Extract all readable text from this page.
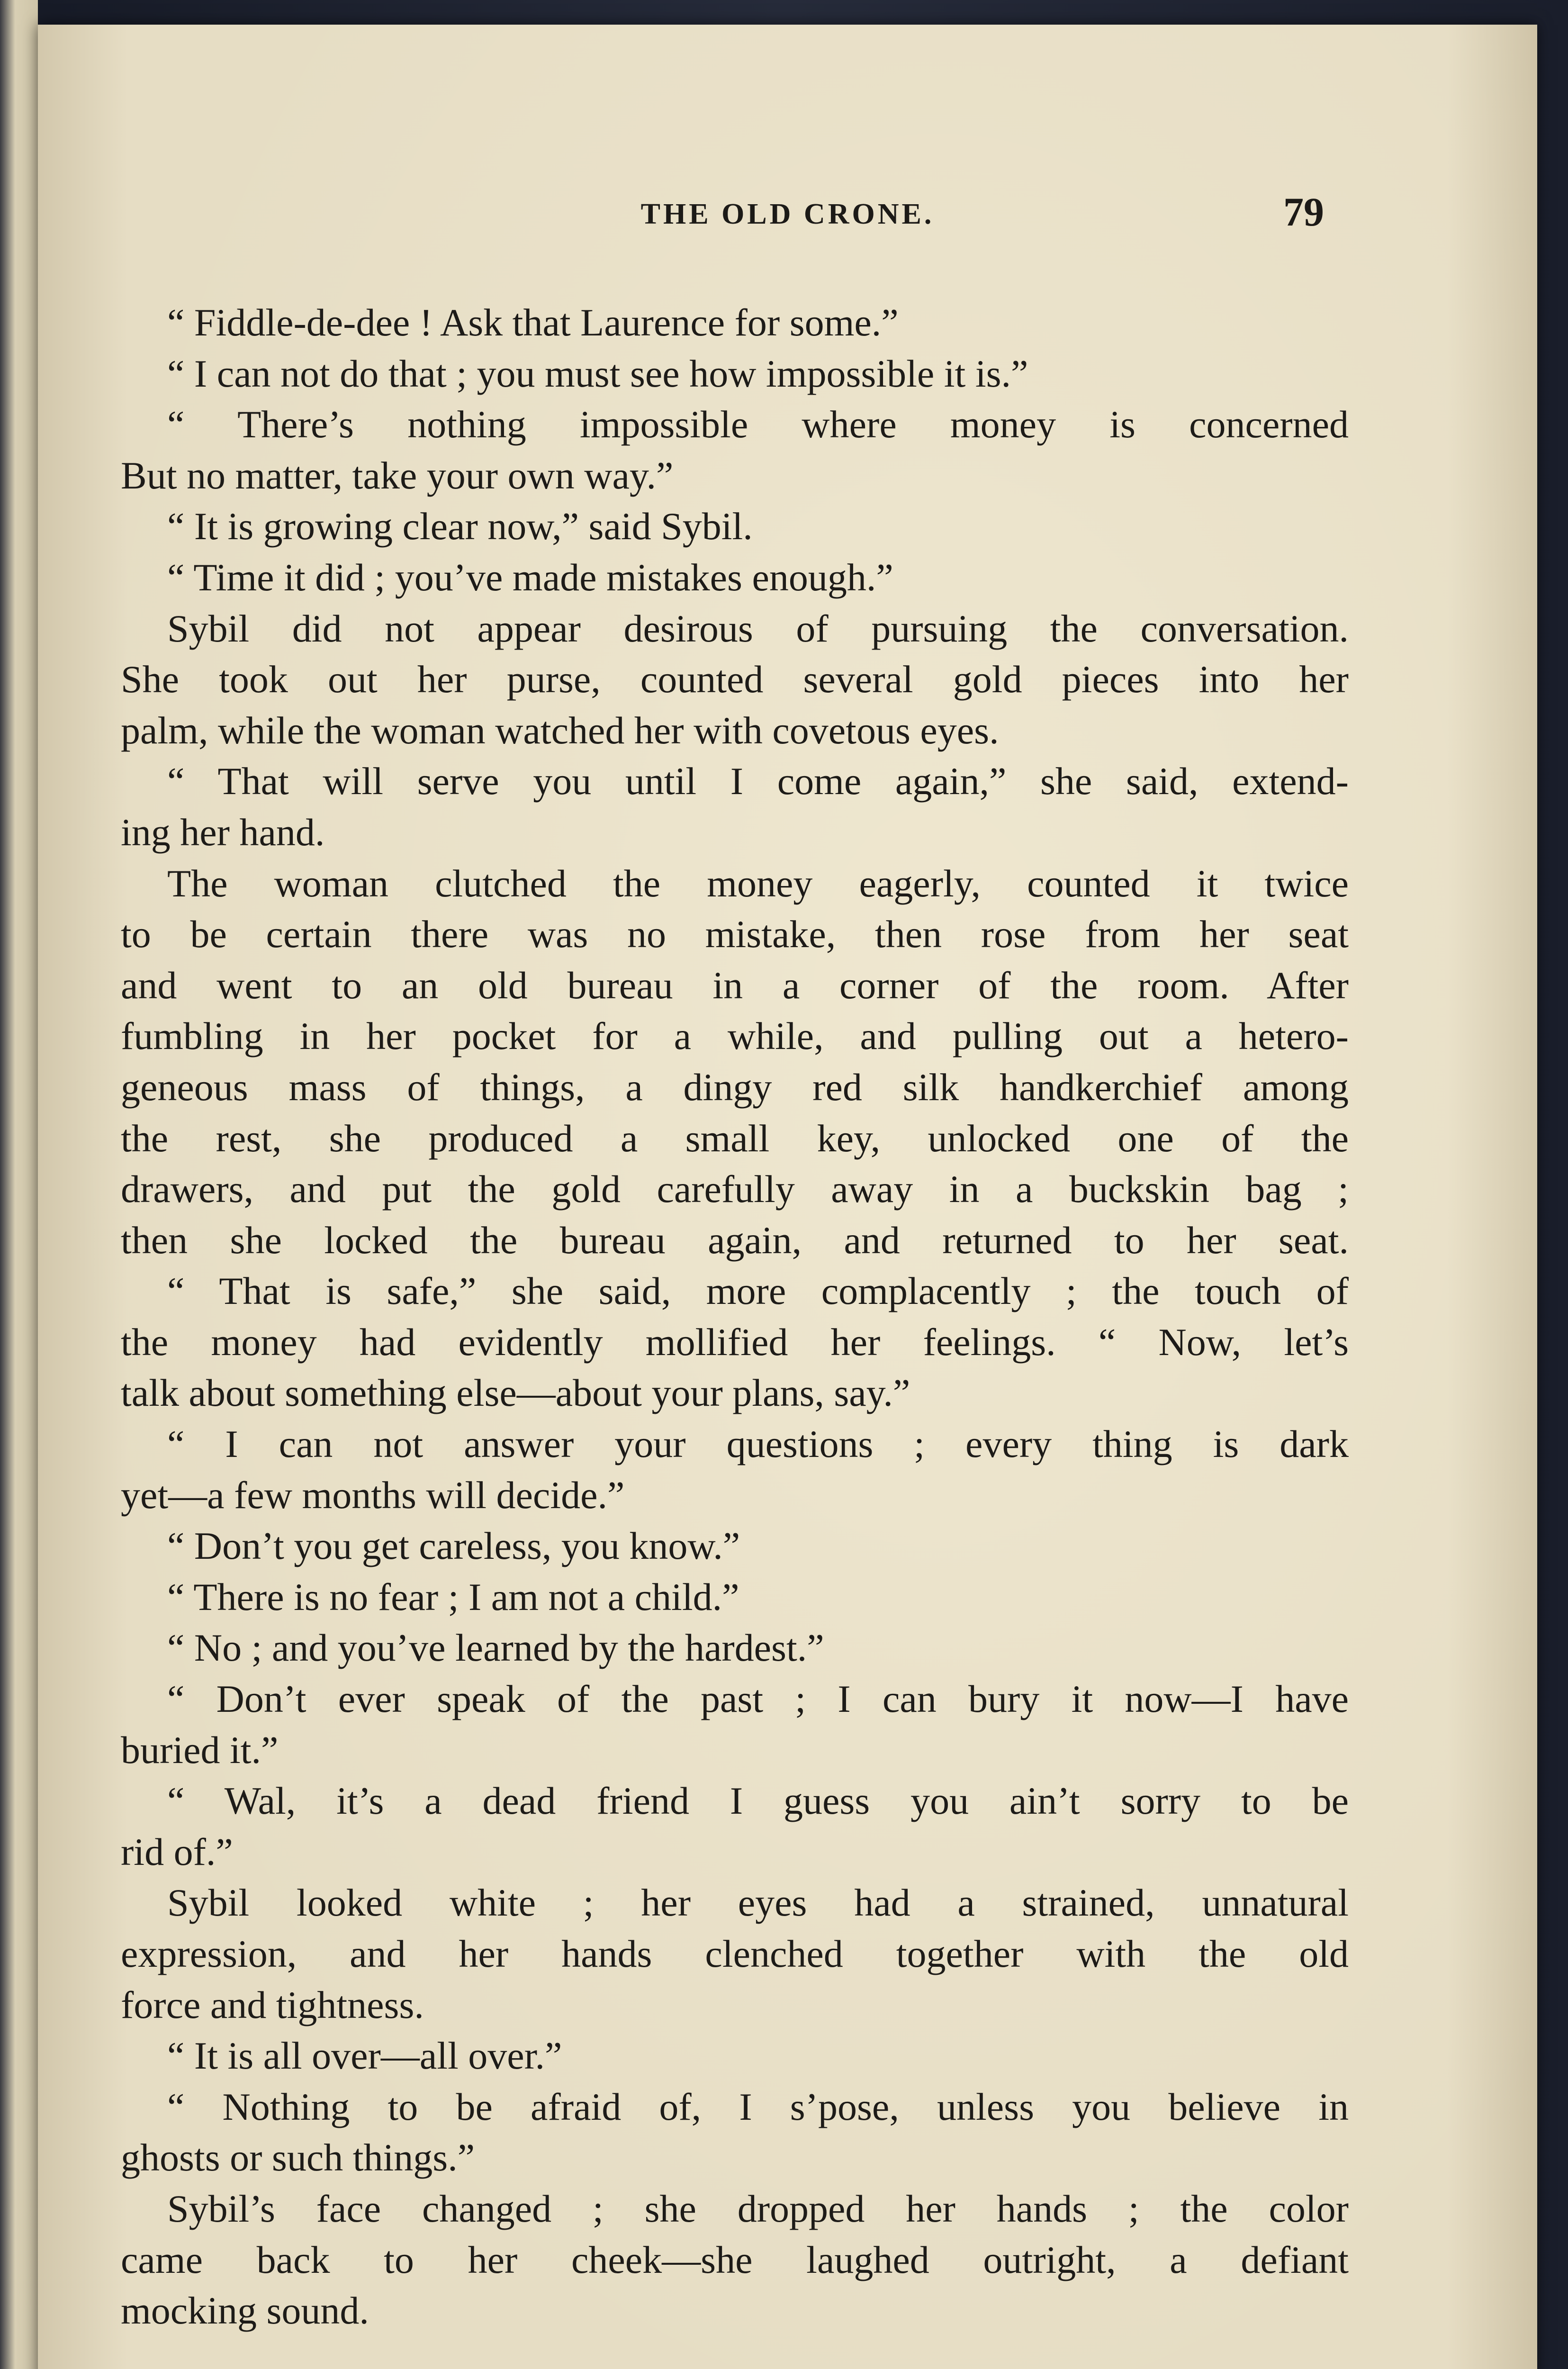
THE OLD CRONE.	79
“ Fiddle-de-dee ! Ask that Laurence for some.”
“ I can not do that ; you must see how impossible it is.”
“ There’s nothing impossible where money is concerned
But no matter, take your own way.”
“ It is growing clear now,” said Sybil.
“ Time it did ; you’ve made mistakes enough.”
Sybil did not appear desirous of pursuing the conversation.
She took out her purse, counted several gold pieces into her
palm, while the woman watched her with covetous eyes.
“ That will serve you until I come again,” she said, extend-
ing her hand.
The woman clutched the money eagerly, counted it twice
to be certain there was no mistake, then rose from her seat
and went to an old bureau in a corner of the room. After
fumbling in her pocket for a while, and pulling out a hetero-
geneous mass of things, a dingy red silk handkerchief among
the rest, she produced a small key, unlocked one of the
drawers, and put the gold carefully away in a buckskin bag ;
then she locked the bureau again, and returned to her seat.
“ That is safe,” she said, more complacently ; the touch of
the money had evidently mollified her feelings. “ Now, let’s
talk about something else—about your plans, say.”
“ I can not answer your questions ; every thing is dark
yet—a few months will decide.”
“ Don’t you get careless, you know.”
“ There is no fear ; I am not a child.”
“ No ; and you’ve learned by the hardest.”
“ Don’t ever speak of the past ; I can bury it now—I have
buried it.”
“ Wal, it’s a dead friend I guess you ain’t sorry to be
rid of.”
Sybil looked white ; her eyes had a strained, unnatural
expression, and her hands clenched together with the old
force and tightness.
“ It is all over—all over.”
“ Nothing to be afraid of, I s’pose, unless you believe in
ghosts or such things.”
Sybil’s face changed ; she dropped her hands ; the color
came back to her cheek—she laughed outright, a defiant
mocking sound.
